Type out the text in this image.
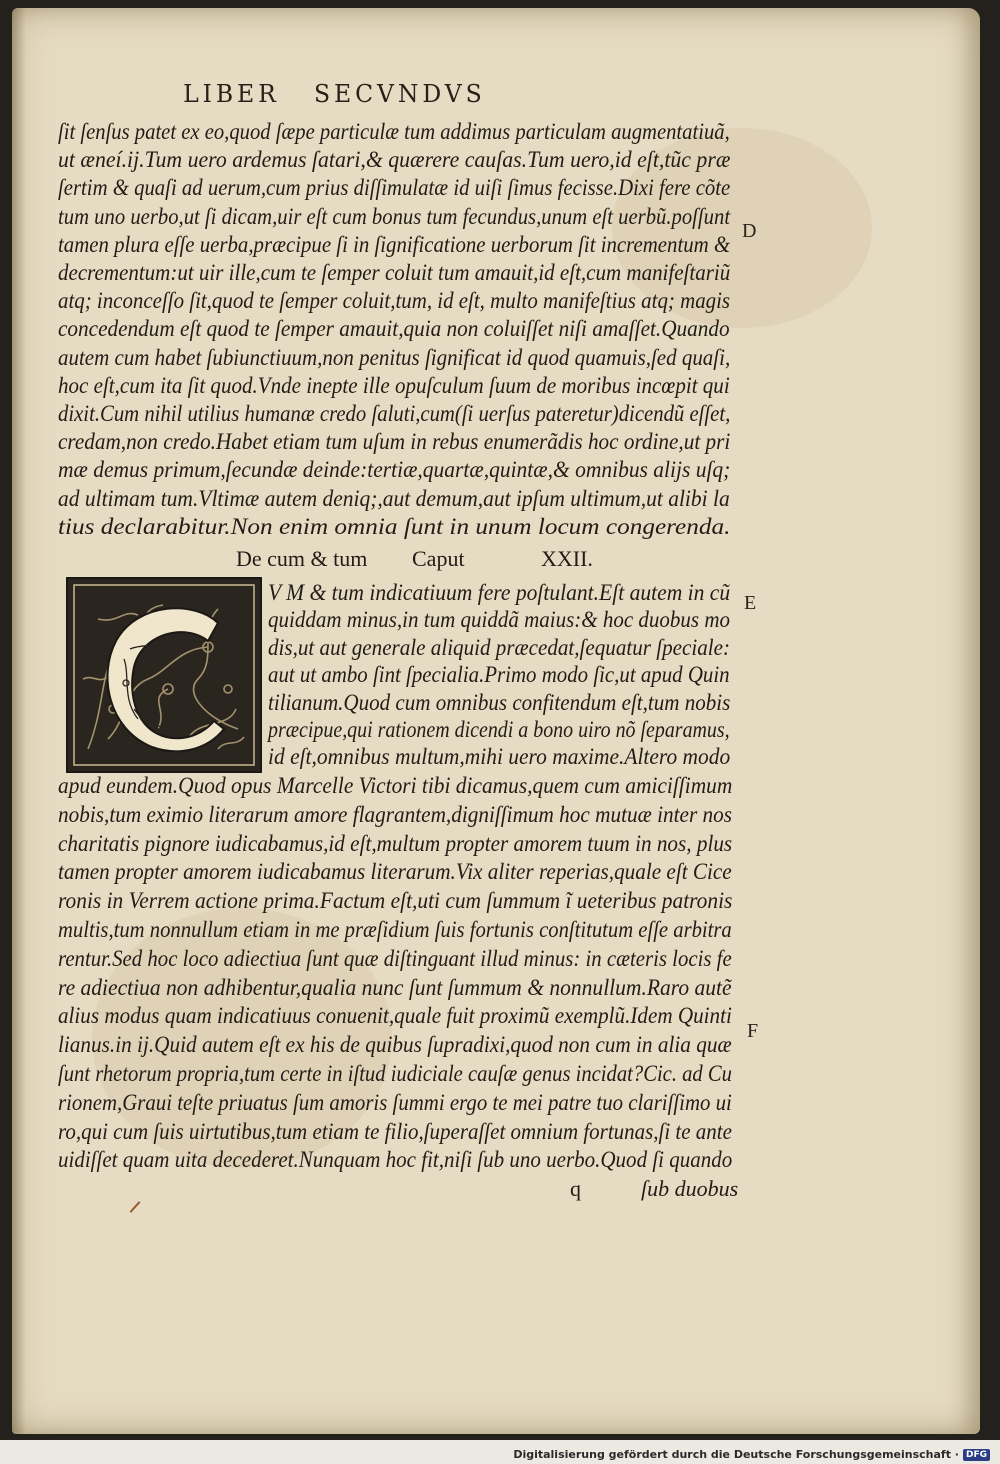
LIBER   SECVNDVS
ſit ſenſus patet ex eo,quod ſæpe particulæ tum addimus particulam augmentatiuã,
ut æneí.ij.Tum uero ardemus ſatari,& quærere cauſas.Tum uero,id eſt,tũc præ
ſertim & quaſi ad uerum,cum prius diſſimulatæ id uiſi ſimus fecisse.Dixi fere cõte
tum uno uerbo,ut ſi dicam,uir eſt cum bonus tum fecundus,unum eſt uerbũ.poſſunt
tamen plura eſſe uerba,præcipue ſi in ſignificatione uerborum ſit incrementum &
decrementum:ut uir ille,cum te ſemper coluit tum amauit,id eſt,cum manifeſtariũ
atq; inconceſſo ſit,quod te ſemper coluit,tum, id eſt, multo manifeſtius atq; magis
concedendum eſt quod te ſemper amauit,quia non coluiſſet niſi amaſſet.Quando
autem cum habet ſubiunctiuum,non penitus ſignificat id quod quamuis,ſed quaſi,
hoc eſt,cum ita ſit quod.Vnde inepte ille opuſculum ſuum de moribus incœpit qui
dixit.Cum nihil utilius humanæ credo ſaluti,cum(ſi uerſus pateretur)dicendũ eſſet,
credam,non credo.Habet etiam tum uſum in rebus enumerãdis hoc ordine,ut pri
mæ demus primum,ſecundæ deinde:tertiæ,quartæ,quintæ,& omnibus alijs uſq;
ad ultimam tum.Vltimæ autem deniq;,aut demum,aut ipſum ultimum,ut alibi la
tius declarabitur.Non enim omnia ſunt in unum locum congerenda.
De cum & tum Caput	XXII.
V M & tum indicatiuum fere poſtulant.Eſt autem in cũ
quiddam minus,in tum quiddã maius:& hoc duobus mo
dis,ut aut generale aliquid præcedat,ſequatur ſpeciale:
aut ut ambo ſint ſpecialia.Primo modo ſic,ut apud Quin
tilianum.Quod cum omnibus confitendum eſt,tum nobis
præcipue,qui rationem dicendi a bono uiro nõ ſeparamus,
id eſt,omnibus multum,mihi uero maxime.Altero modo
apud eundem.Quod opus Marcelle Victori tibi dicamus,quem cum amiciſſimum
nobis,tum eximio literarum amore flagrantem,digniſſimum hoc mutuæ inter nos
charitatis pignore iudicabamus,id eſt,multum propter amorem tuum in nos, plus
tamen propter amorem iudicabamus literarum.Vix aliter reperias,quale eſt Cice
ronis in Verrem actione prima.Factum eſt,uti cum ſummum ĩ ueteribus patronis
multis,tum nonnullum etiam in me præſidium ſuis fortunis conſtitutum eſſe arbitra
rentur.Sed hoc loco adiectiua ſunt quæ diſtinguant illud minus: in cæteris locis fe
re adiectiua non adhibentur,qualia nunc ſunt ſummum & nonnullum.Raro autẽ
alius modus quam indicatiuus conuenit,quale fuit proximũ exemplũ.Idem Quinti
lianus.in ij.Quid autem eſt ex his de quibus ſupradixi,quod non cum in alia quæ
ſunt rhetorum propria,tum certe in iſtud iudiciale cauſæ genus incidat?Cic. ad Cu
rionem,Graui teſte priuatus ſum amoris ſummi ergo te mei patre tuo clariſſimo ui
ro,qui cum ſuis uirtutibus,tum etiam te filio,ſuperaſſet omnium fortunas,ſi te ante
uidiſſet quam uita decederet.Nunquam hoc fit,niſi ſub uno uerbo.Quod ſi quando
D
E
F
q	ſub duobus
Digitalisierung gefördert durch die Deutsche Forschungsgemeinschaft · DFG
